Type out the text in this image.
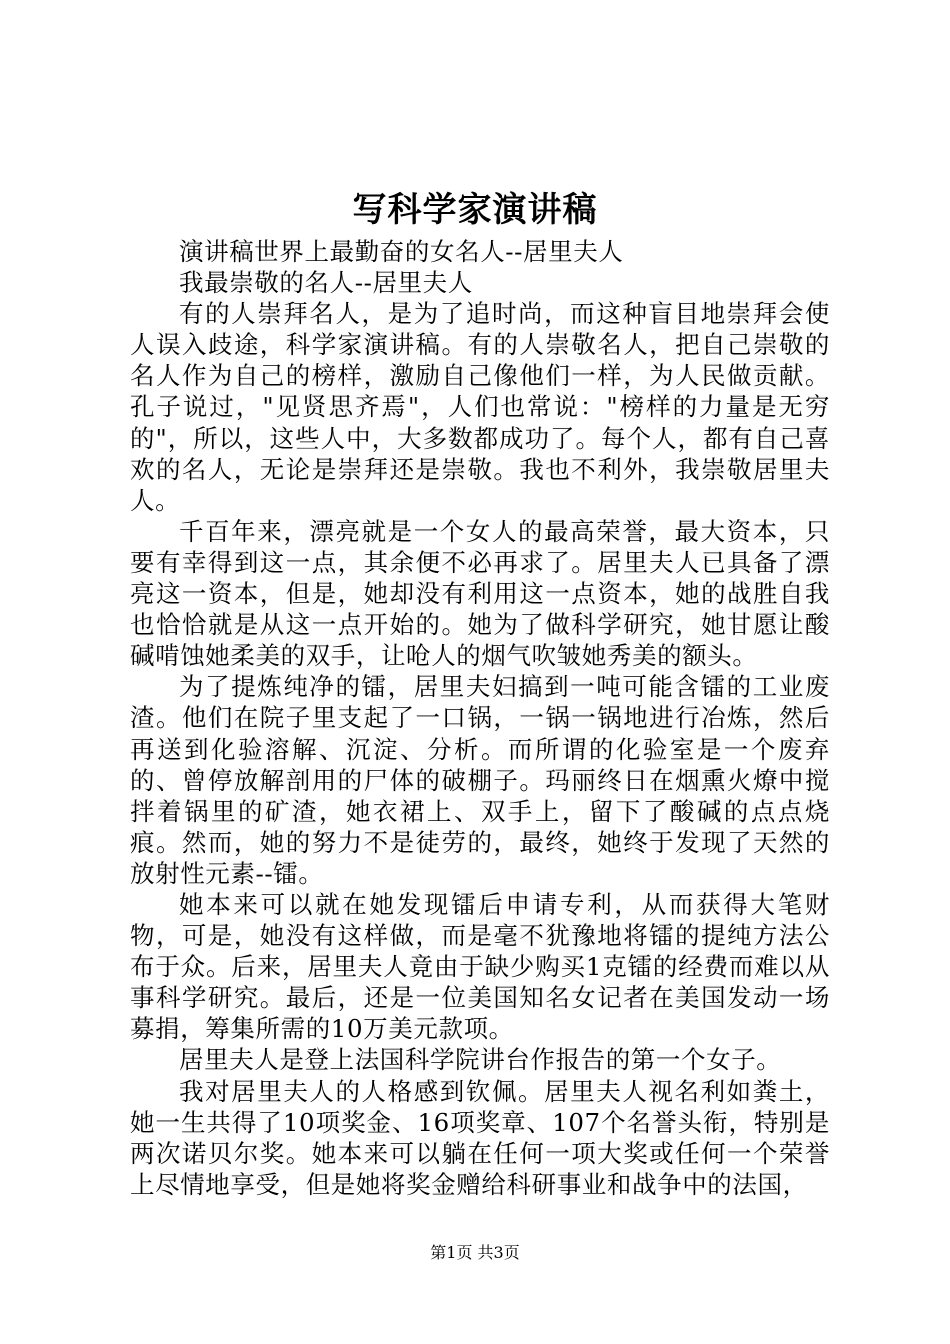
写科学家演讲稿

演讲稿世界上最勤奋的女名人--居里夫人

我最崇敬的名人--居里夫人

有的人崇拜名人，是为了追时尚，而这种盲目地崇拜会使人误入歧途，科学家演讲稿。有的人崇敬名人，把自己崇敬的名人作为自己的榜样，激励自己像他们一样，为人民做贡献。孔子说过，"见贤思齐焉"，人们也常说："榜样的力量是无穷的"，所以，这些人中，大多数都成功了。每个人，都有自己喜欢的名人，无论是崇拜还是崇敬。我也不利外，我崇敬居里夫人。

千百年来，漂亮就是一个女人的最高荣誉，最大资本，只要有幸得到这一点，其余便不必再求了。居里夫人已具备了漂亮这一资本，但是，她却没有利用这一点资本，她的战胜自我也恰恰就是从这一点开始的。她为了做科学研究，她甘愿让酸碱啃蚀她柔美的双手，让呛人的烟气吹皱她秀美的额头。

为了提炼纯净的镭，居里夫妇搞到一吨可能含镭的工业废渣。他们在院子里支起了一口锅，一锅一锅地进行冶炼，然后再送到化验溶解、沉淀、分析。而所谓的化验室是一个废弃的、曾停放解剖用的尸体的破棚子。玛丽终日在烟熏火燎中搅拌着锅里的矿渣，她衣裙上、双手上，留下了酸碱的点点烧痕。然而，她的努力不是徒劳的，最终，她终于发现了天然的放射性元素--镭。

她本来可以就在她发现镭后申请专利，从而获得大笔财物，可是，她没有这样做，而是毫不犹豫地将镭的提纯方法公布于众。后来，居里夫人竟由于缺少购买1克镭的经费而难以从事科学研究。最后，还是一位美国知名女记者在美国发动一场募捐，筹集所需的10万美元款项。

居里夫人是登上法国科学院讲台作报告的第一个女子。

我对居里夫人的人格感到钦佩。居里夫人视名利如粪土，她一生共得了10项奖金、16项奖章、107个名誉头衔，特别是两次诺贝尔奖。她本来可以躺在任何一项大奖或任何一个荣誉上尽情地享受，但是她将奖金赠给科研事业和战争中的法国，

第1页 共3页
